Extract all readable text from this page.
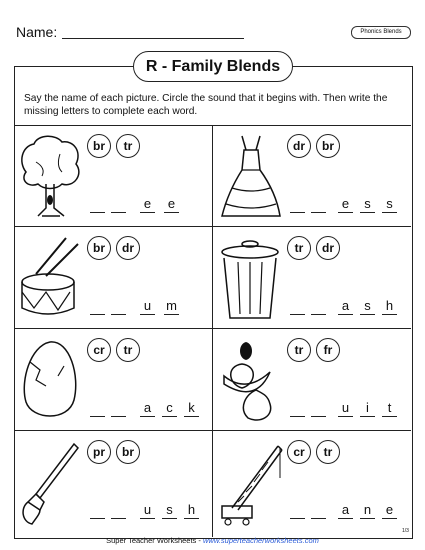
Name:	Phonics Blends
R - Family Blends
Say the name of each picture. Circle the sound that it begins with. Then write the missing letters to complete each word.
br	tr
e e
dr	br
e	s	s
br	dr
u m
tr	dr
a	s	h
cr	tr
a	c	k
tr	fr
u	i	t
pr	br
u	s	h
cr	tr
a n e
Super Teacher Worksheets - www.superteacherworksheets.com
1/3
